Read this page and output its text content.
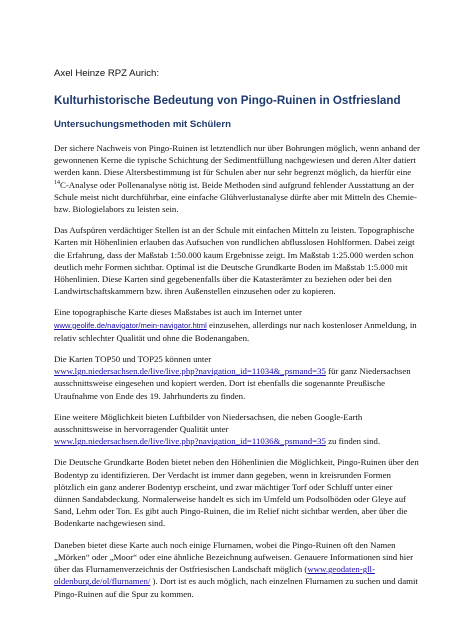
Axel Heinze RPZ Aurich:
Kulturhistorische Bedeutung von Pingo-Ruinen in Ostfriesland
Untersuchungsmethoden mit Schülern

Der sichere Nachweis von Pingo-Ruinen ist letztendlich nur über Bohrungen möglich, wenn anhand der gewonnenen Kerne die typische Schichtung der Sedimentfüllung nachgewiesen und deren Alter datiert werden kann. Diese Altersbestimmung ist für Schulen aber nur sehr begrenzt möglich, da hierfür eine $^{14}$C-Analyse oder Pollenanalyse nötig ist. Beide Methoden sind aufgrund fehlender Ausstattung an der Schule meist nicht durchführbar, eine einfache Glühverlustanalyse dürfte aber mit Mitteln des Chemie- bzw. Biologielabors zu leisten sein.

Das Aufspüren verdächtiger Stellen ist an der Schule mit einfachen Mitteln zu leisten. Topographische Karten mit Höhenlinien erlauben das Aufsuchen von rundlichen abflusslosen Hohlformen. Dabei zeigt die Erfahrung, dass der Maßstab 1:50.000 kaum Ergebnisse zeigt. Im Maßstab 1:25.000 werden schon deutlich mehr Formen sichtbar. Optimal ist die Deutsche Grundkarte Boden im Maßstab 1:5.000 mit Höhenlinien. Diese Karten sind gegebenenfalls über die Katasterämter zu beziehen oder bei den Landwirtschaftskammern bzw. ihren Außenstellen einzusehen oder zu kopieren.

Eine topographische Karte dieses Maßstabes ist auch im Internet unter
www.geolife.de/navigator/mein-navigator.html einzusehen, allerdings nur nach kostenloser Anmeldung, in relativ schlechter Qualität und ohne die Bodenangaben.

Die Karten TOP50 und TOP25 können unter
www.lgn.niedersachsen.de/live/live.php?navigation_id=11034&_psmand=35 für ganz Niedersachsen ausschnittsweise eingesehen und kopiert werden. Dort ist ebenfalls die sogenannte Preußische Uraufnahme von Ende des 19. Jahrhunderts zu finden.

Eine weitere Möglichkeit bieten Luftbilder von Niedersachsen, die neben Google-Earth ausschnittsweise in hervorragender Qualität unter
www.lgn.niedersachsen.de/live/live.php?navigation_id=11036&_psmand=35 zu finden sind.

Die Deutsche Grundkarte Boden bietet neben den Höhenlinien die Möglichkeit, Pingo-Ruinen über den Bodentyp zu identifizieren. Der Verdacht ist immer dann gegeben, wenn in kreisrunden Formen plötzlich ein ganz anderer Bodentyp erscheint, und zwar mächtiger Torf oder Schluff unter einer dünnen Sandabdeckung. Normalerweise handelt es sich im Umfeld um Podsolböden oder Gleye auf Sand, Lehm oder Ton. Es gibt auch Pingo-Ruinen, die im Relief nicht sichtbar werden, aber über die Bodenkarte nachgewiesen sind.

Daneben bietet diese Karte auch noch einige Flurnamen, wobei die Pingo-Ruinen oft den Namen „Mörken“ oder „Moor“ oder eine ähnliche Bezeichnung aufweisen. Genauere Informationen sind hier über das Flurnamenverzeichnis der Ostfriesischen Landschaft möglich (www.geodaten-gll-oldenburg.de/ol/flurnamen/ ). Dort ist es auch möglich, nach einzelnen Flurnamen zu suchen und damit Pingo-Ruinen auf die Spur zu kommen.
